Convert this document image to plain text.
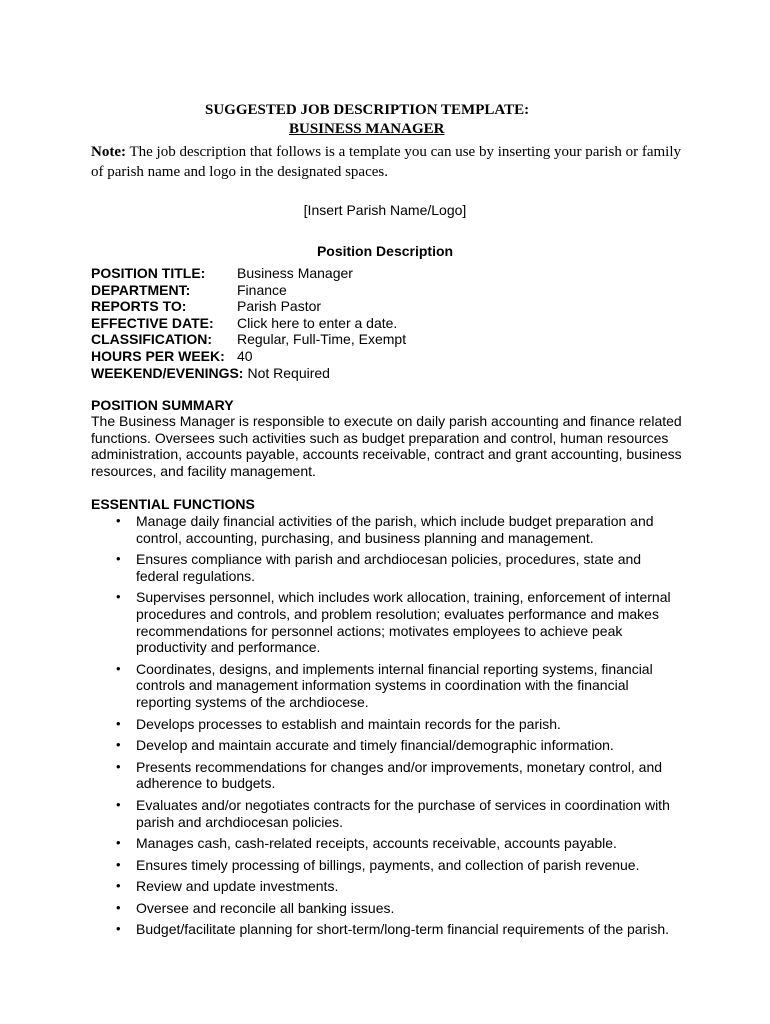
SUGGESTED JOB DESCRIPTION TEMPLATE:
BUSINESS MANAGER
Note: The job description that follows is a template you can use by inserting your parish or family of parish name and logo in the designated spaces.
[Insert Parish Name/Logo]
Position Description
POSITION TITLE: Business Manager
DEPARTMENT:	Finance
REPORTS TO:	Parish Pastor
EFFECTIVE DATE: Click here to enter a date.
CLASSIFICATION: Regular, Full-Time, Exempt
HOURS PER WEEK: 40
WEEKEND/EVENINGS: Not Required
POSITION SUMMARY
The Business Manager is responsible to execute on daily parish accounting and finance related functions. Oversees such activities such as budget preparation and control, human resources administration, accounts payable, accounts receivable, contract and grant accounting, business resources, and facility management.
ESSENTIAL FUNCTIONS
• Manage daily financial activities of the parish, which include budget preparation and control, accounting, purchasing, and business planning and management.
• Ensures compliance with parish and archdiocesan policies, procedures, state and federal regulations.
• Supervises personnel, which includes work allocation, training, enforcement of internal procedures and controls, and problem resolution; evaluates performance and makes recommendations for personnel actions; motivates employees to achieve peak productivity and performance.
• Coordinates, designs, and implements internal financial reporting systems, financial controls and management information systems in coordination with the financial reporting systems of the archdiocese.
• Develops processes to establish and maintain records for the parish.
• Develop and maintain accurate and timely financial/demographic information.
• Presents recommendations for changes and/or improvements, monetary control, and adherence to budgets.
• Evaluates and/or negotiates contracts for the purchase of services in coordination with parish and archdiocesan policies.
• Manages cash, cash-related receipts, accounts receivable, accounts payable.
• Ensures timely processing of billings, payments, and collection of parish revenue.
• Review and update investments.
• Oversee and reconcile all banking issues.
• Budget/facilitate planning for short-term/long-term financial requirements of the parish.
